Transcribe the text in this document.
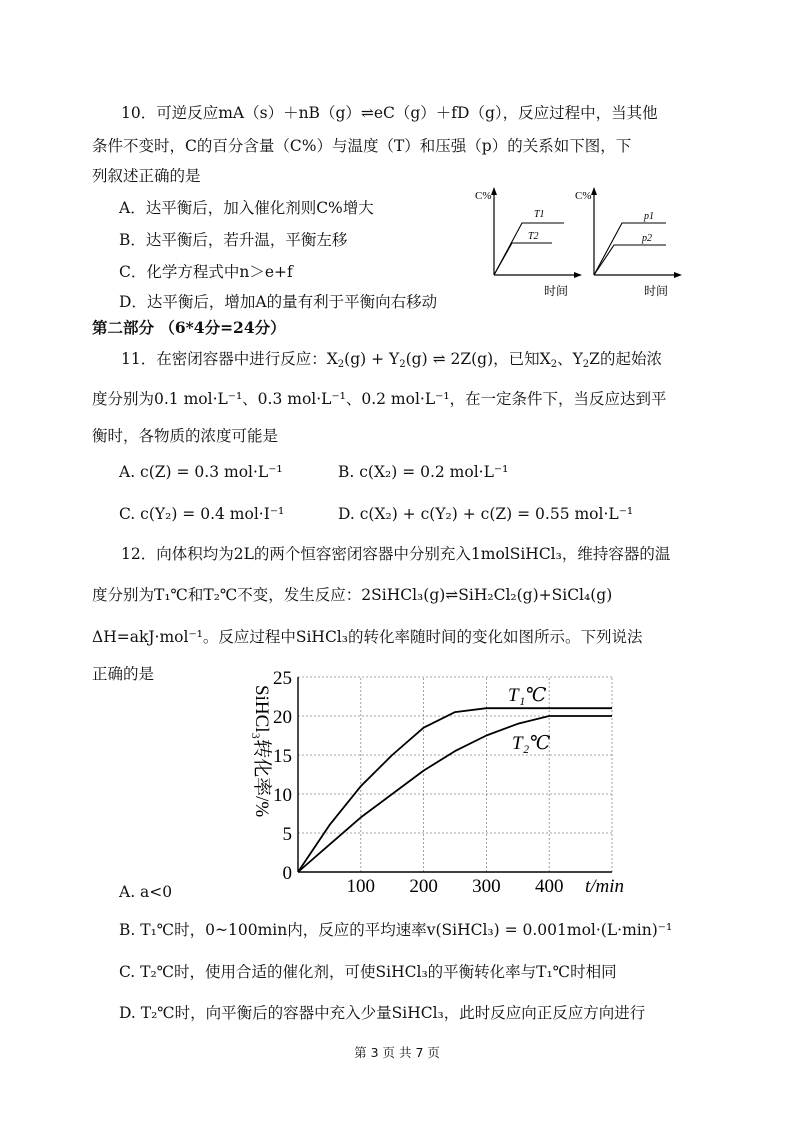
10．可逆反应mA（s）＋nB（g）⇌eC（g）＋fD（g），反应过程中，当其他
条件不变时，C的百分含量（C%）与温度（T）和压强（p）的关系如下图，下
列叙述正确的是
A．达平衡后，加入催化剂则C%增大
B．达平衡后，若升温，平衡左移
C．化学方程式中n＞e+f
D．达平衡后，增加A的量有利于平衡向右移动
C%
时间
T1
T2
C%
时间
p1
p2
第二部分 （6*4分=24分）
11．在密闭容器中进行反应：$X_2(g) + Y_2(g)$ ⇌ 2Z(g)，已知$X_2$、$Y_2Z$的起始浓
度分别为0.1 mol·L⁻¹、0.3 mol·L⁻¹、0.2 mol·L⁻¹，在一定条件下，当反应达到平
衡时，各物质的浓度可能是
A. c(Z) = 0.3 mol·L⁻¹	B. c(X₂) = 0.2 mol·L⁻¹
C. c(Y₂) = 0.4 mol·I⁻¹	D. c(X₂) + c(Y₂) + c(Z) = 0.55 mol·L⁻¹
12．向体积均为2L的两个恒容密闭容器中分别充入1molSiHCl₃，维持容器的温
度分别为T₁℃和T₂℃不变，发生反应：2SiHCl₃(g)⇌SiH₂Cl₂(g)+SiCl₄(g)
ΔH=akJ·mol⁻¹。反应过程中SiHCl₃的转化率随时间的变化如图所示。下列说法
正确的是
100 200 300 400
0
5
10
15
20
25
SiHCl₃转化率/%
t/min
T₁℃
T₂℃
A. a<0
B. T₁℃时，0~100min内，反应的平均速率v(SiHCl₃) = 0.001mol·(L·min)⁻¹
C. T₂℃时，使用合适的催化剂，可使SiHCl₃的平衡转化率与T₁℃时相同
D. T₂℃时，向平衡后的容器中充入少量SiHCl₃，此时反应向正反应方向进行
第 3 页 共 7 页
